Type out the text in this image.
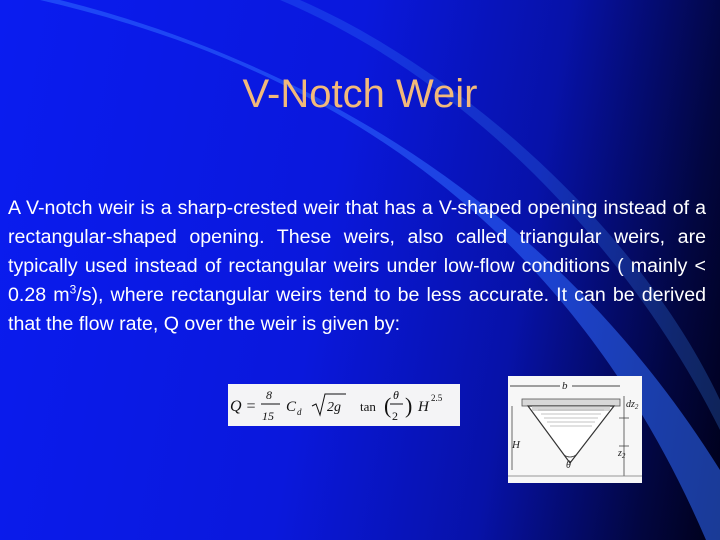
V-Notch Weir
A V-notch weir is a sharp-crested weir that has a V-shaped opening instead of a rectangular-shaped opening. These weirs, also called triangular weirs, are typically used instead of rectangular weirs under low-flow conditions ( mainly < 0.28 $m^3/s$), where rectangular weirs tend to be less accurate. It can be derived that the flow rate, Q over the weir is given by:
Q =
8
15
C d 2g tan ( θ
2 ) H
2.5
b
θ
H
$dz_2$
$z_2$
